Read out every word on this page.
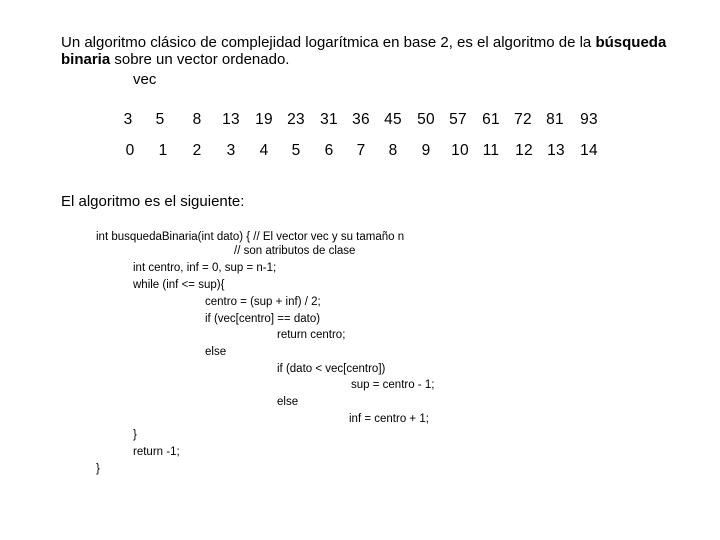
Un algoritmo clásico de complejidad logarítmica en base 2, es el algoritmo de la búsqueda binaria sobre un vector ordenado.
vec
3	5	8	13 19 23 31 36 45 50 57 61 72 81	93
0	1	2	3	4	5	6	7	8	9	10 11	12 13 14
El algoritmo es el siguiente:
int busquedaBinaria(int dato) { // El vector vec y su tamaño n
// son atributos de clase
int centro, inf = 0, sup = n-1;
while (inf <= sup){
centro = (sup + inf) / 2;
if (vec[centro] == dato)
return centro;
else
if (dato < vec[centro])
sup = centro - 1;
else
inf = centro + 1;
}
return -1;
}
